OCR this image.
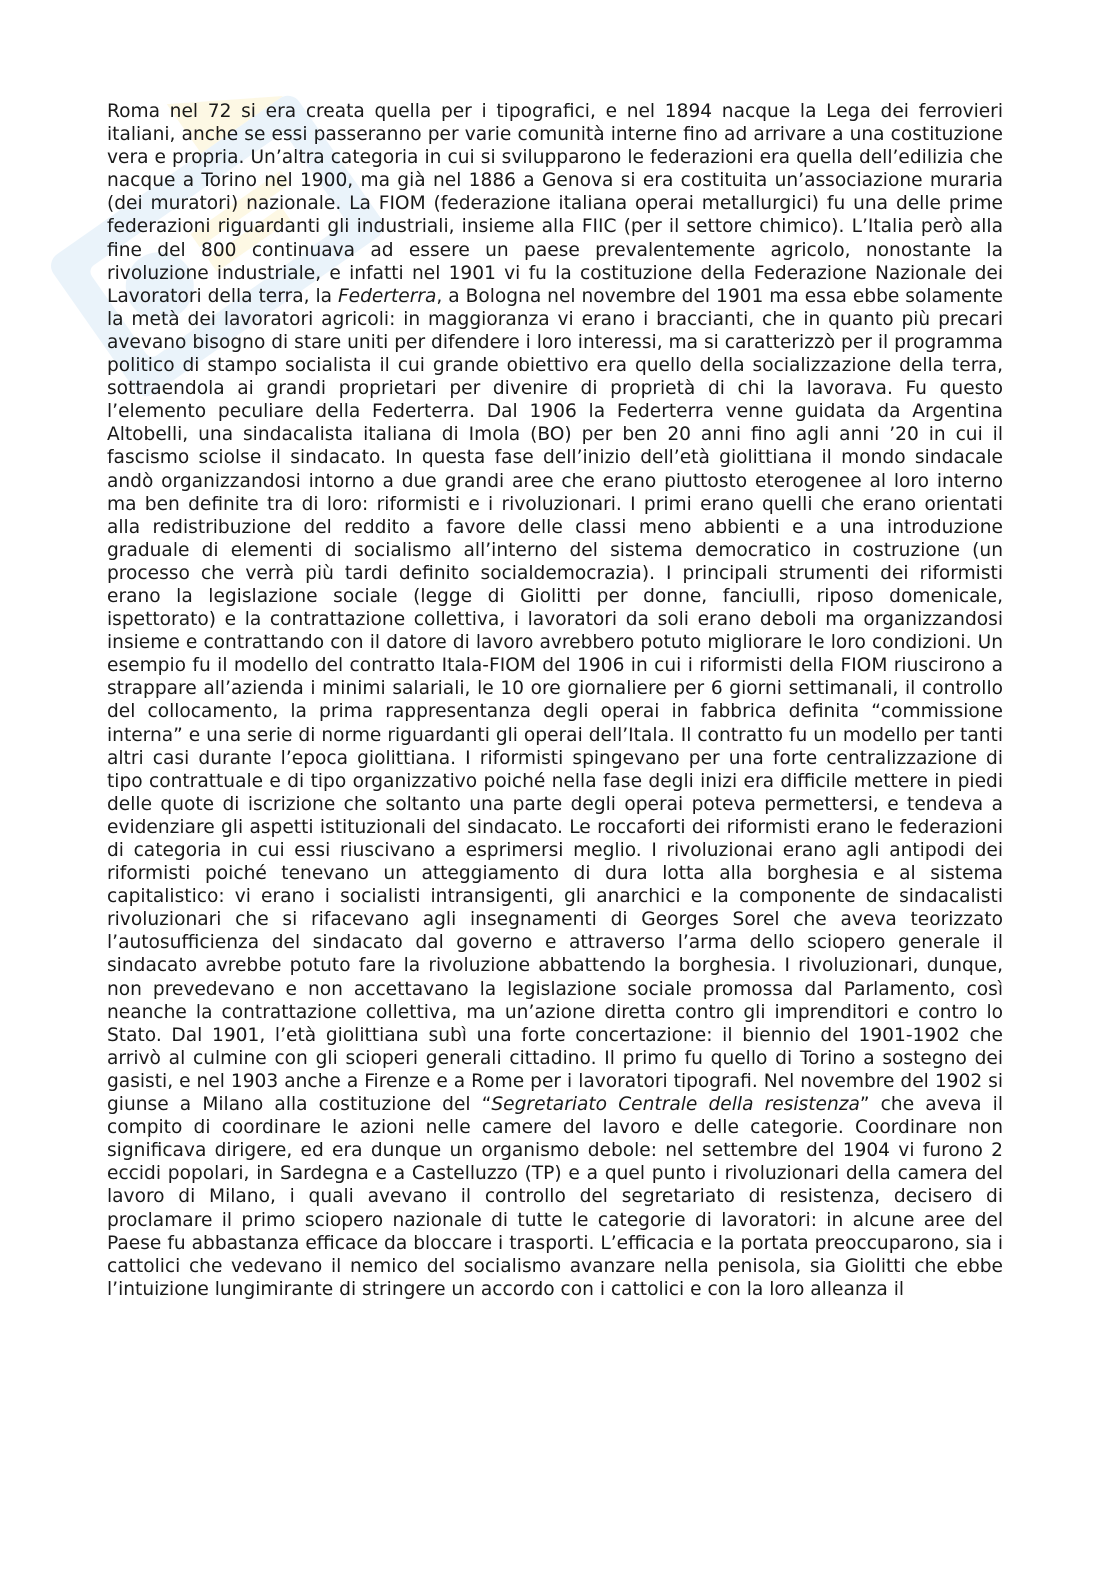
Roma nel 72 si era creata quella per i tipografici, e nel 1894 nacque la Lega dei ferrovieri italiani, anche se essi passeranno per varie comunità interne fino ad arrivare a una costituzione vera e propria. Un’altra categoria in cui si svilupparono le federazioni era quella dell’edilizia che nacque a Torino nel 1900, ma già nel 1886 a Genova si era costituita un’associazione muraria (dei muratori) nazionale. La FIOM (federazione italiana operai metallurgici) fu una delle prime federazioni riguardanti gli industriali, insieme alla FIIC (per il settore chimico). L’Italia però alla fine del 800 continuava ad essere un paese prevalentemente agricolo, nonostante la rivoluzione industriale, e infatti nel 1901 vi fu la costituzione della Federazione Nazionale dei Lavoratori della terra, la Federterra, a Bologna nel novembre del 1901 ma essa ebbe solamente la metà dei lavoratori agricoli: in maggioranza vi erano i braccianti, che in quanto più precari avevano bisogno di stare uniti per difendere i loro interessi, ma si caratterizzò per il programma politico di stampo socialista il cui grande obiettivo era quello della socializzazione della terra, sottraendola ai grandi proprietari per divenire di proprietà di chi la lavorava. Fu questo l’elemento peculiare della Federterra. Dal 1906 la Federterra venne guidata da Argentina Altobelli, una sindacalista italiana di Imola (BO) per ben 20 anni fino agli anni ’20 in cui il fascismo sciolse il sindacato. In questa fase dell’inizio dell’età giolittiana il mondo sindacale andò organizzandosi intorno a due grandi aree che erano piuttosto eterogenee al loro interno ma ben definite tra di loro: riformisti e i rivoluzionari. I primi erano quelli che erano orientati alla redistribuzione del reddito a favore delle classi meno abbienti e a una introduzione graduale di elementi di socialismo all’interno del sistema democratico in costruzione (un processo che verrà più tardi definito socialdemocrazia). I principali strumenti dei riformisti erano la legislazione sociale (legge di Giolitti per donne, fanciulli, riposo domenicale, ispettorato) e la contrattazione collettiva, i lavoratori da soli erano deboli ma organizzandosi insieme e contrattando con il datore di lavoro avrebbero potuto migliorare le loro condizioni. Un esempio fu il modello del contratto Itala-FIOM del 1906 in cui i riformisti della FIOM riuscirono a strappare all’azienda i minimi salariali, le 10 ore giornaliere per 6 giorni settimanali, il controllo del collocamento, la prima rappresentanza degli operai in fabbrica definita “commissione interna” e una serie di norme riguardanti gli operai dell’Itala. Il contratto fu un modello per tanti altri casi durante l’epoca giolittiana. I riformisti spingevano per una forte centralizzazione di tipo contrattuale e di tipo organizzativo poiché nella fase degli inizi era difficile mettere in piedi delle quote di iscrizione che soltanto una parte degli operai poteva permettersi, e tendeva a evidenziare gli aspetti istituzionali del sindacato. Le roccaforti dei riformisti erano le federazioni di categoria in cui essi riuscivano a esprimersi meglio. I rivoluzionai erano agli antipodi dei riformisti poiché tenevano un atteggiamento di dura lotta alla borghesia e al sistema capitalistico: vi erano i socialisti intransigenti, gli anarchici e la componente de sindacalisti rivoluzionari che si rifacevano agli insegnamenti di Georges Sorel che aveva teorizzato l’autosufficienza del sindacato dal governo e attraverso l’arma dello sciopero generale il sindacato avrebbe potuto fare la rivoluzione abbattendo la borghesia. I rivoluzionari, dunque, non prevedevano e non accettavano la legislazione sociale promossa dal Parlamento, così neanche la contrattazione collettiva, ma un’azione diretta contro gli imprenditori e contro lo Stato. Dal 1901, l’età giolittiana subì una forte concertazione: il biennio del 1901-1902 che arrivò al culmine con gli scioperi generali cittadino. Il primo fu quello di Torino a sostegno dei gasisti, e nel 1903 anche a Firenze e a Rome per i lavoratori tipografi. Nel novembre del 1902 si giunse a Milano alla costituzione del “Segretariato Centrale della resistenza” che aveva il compito di coordinare le azioni nelle camere del lavoro e delle categorie. Coordinare non significava dirigere, ed era dunque un organismo debole: nel settembre del 1904 vi furono 2 eccidi popolari, in Sardegna e a Castelluzzo (TP) e a quel punto i rivoluzionari della camera del lavoro di Milano, i quali avevano il controllo del segretariato di resistenza, decisero di proclamare il primo sciopero nazionale di tutte le categorie di lavoratori: in alcune aree del Paese fu abbastanza efficace da bloccare i trasporti. L’efficacia e la portata preoccuparono, sia i cattolici che vedevano il nemico del socialismo avanzare nella penisola, sia Giolitti che ebbe l’intuizione lungimirante di stringere un accordo con i cattolici e con la loro alleanza il
